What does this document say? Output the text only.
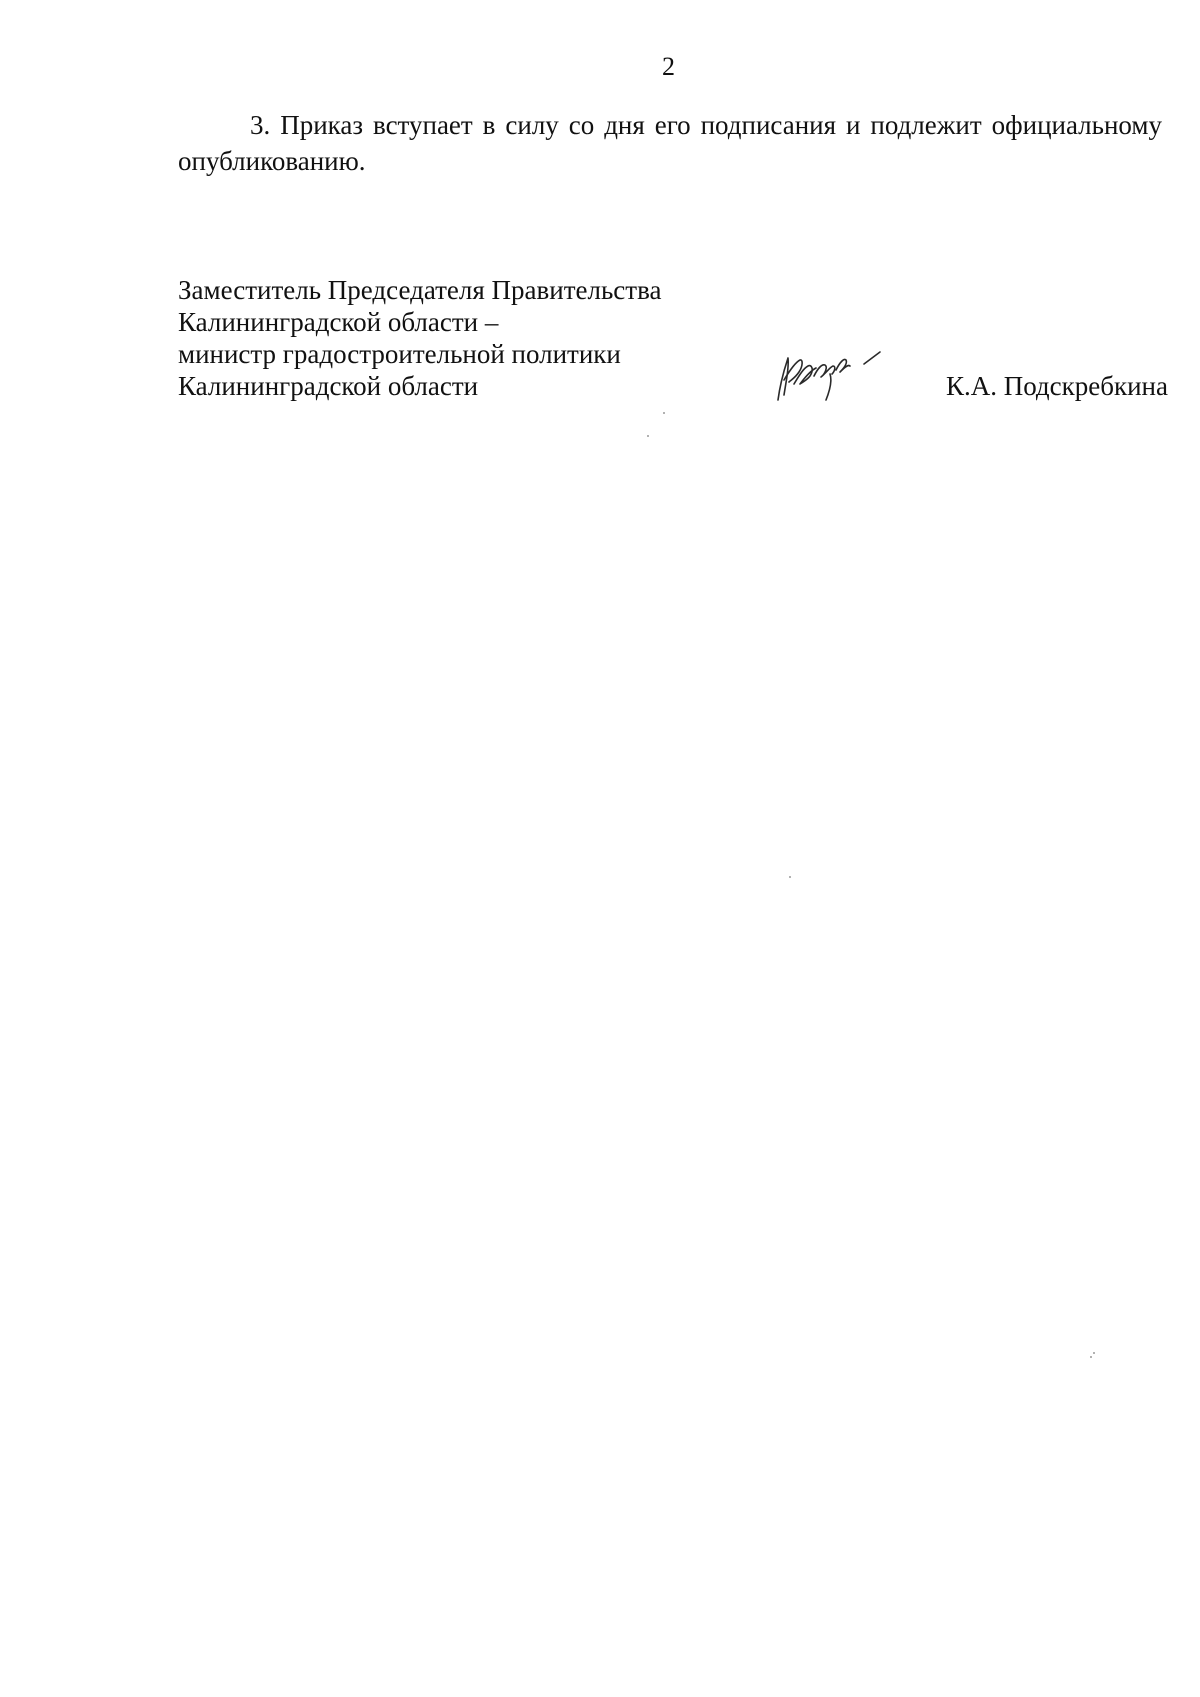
2

3. Приказ вступает в силу со дня его подписания и подлежит официальному опубликованию.

Заместитель Председателя Правительства
Калининградской области –
министр градостроительной политики
Калининградской области	К.А. Подскребкина
